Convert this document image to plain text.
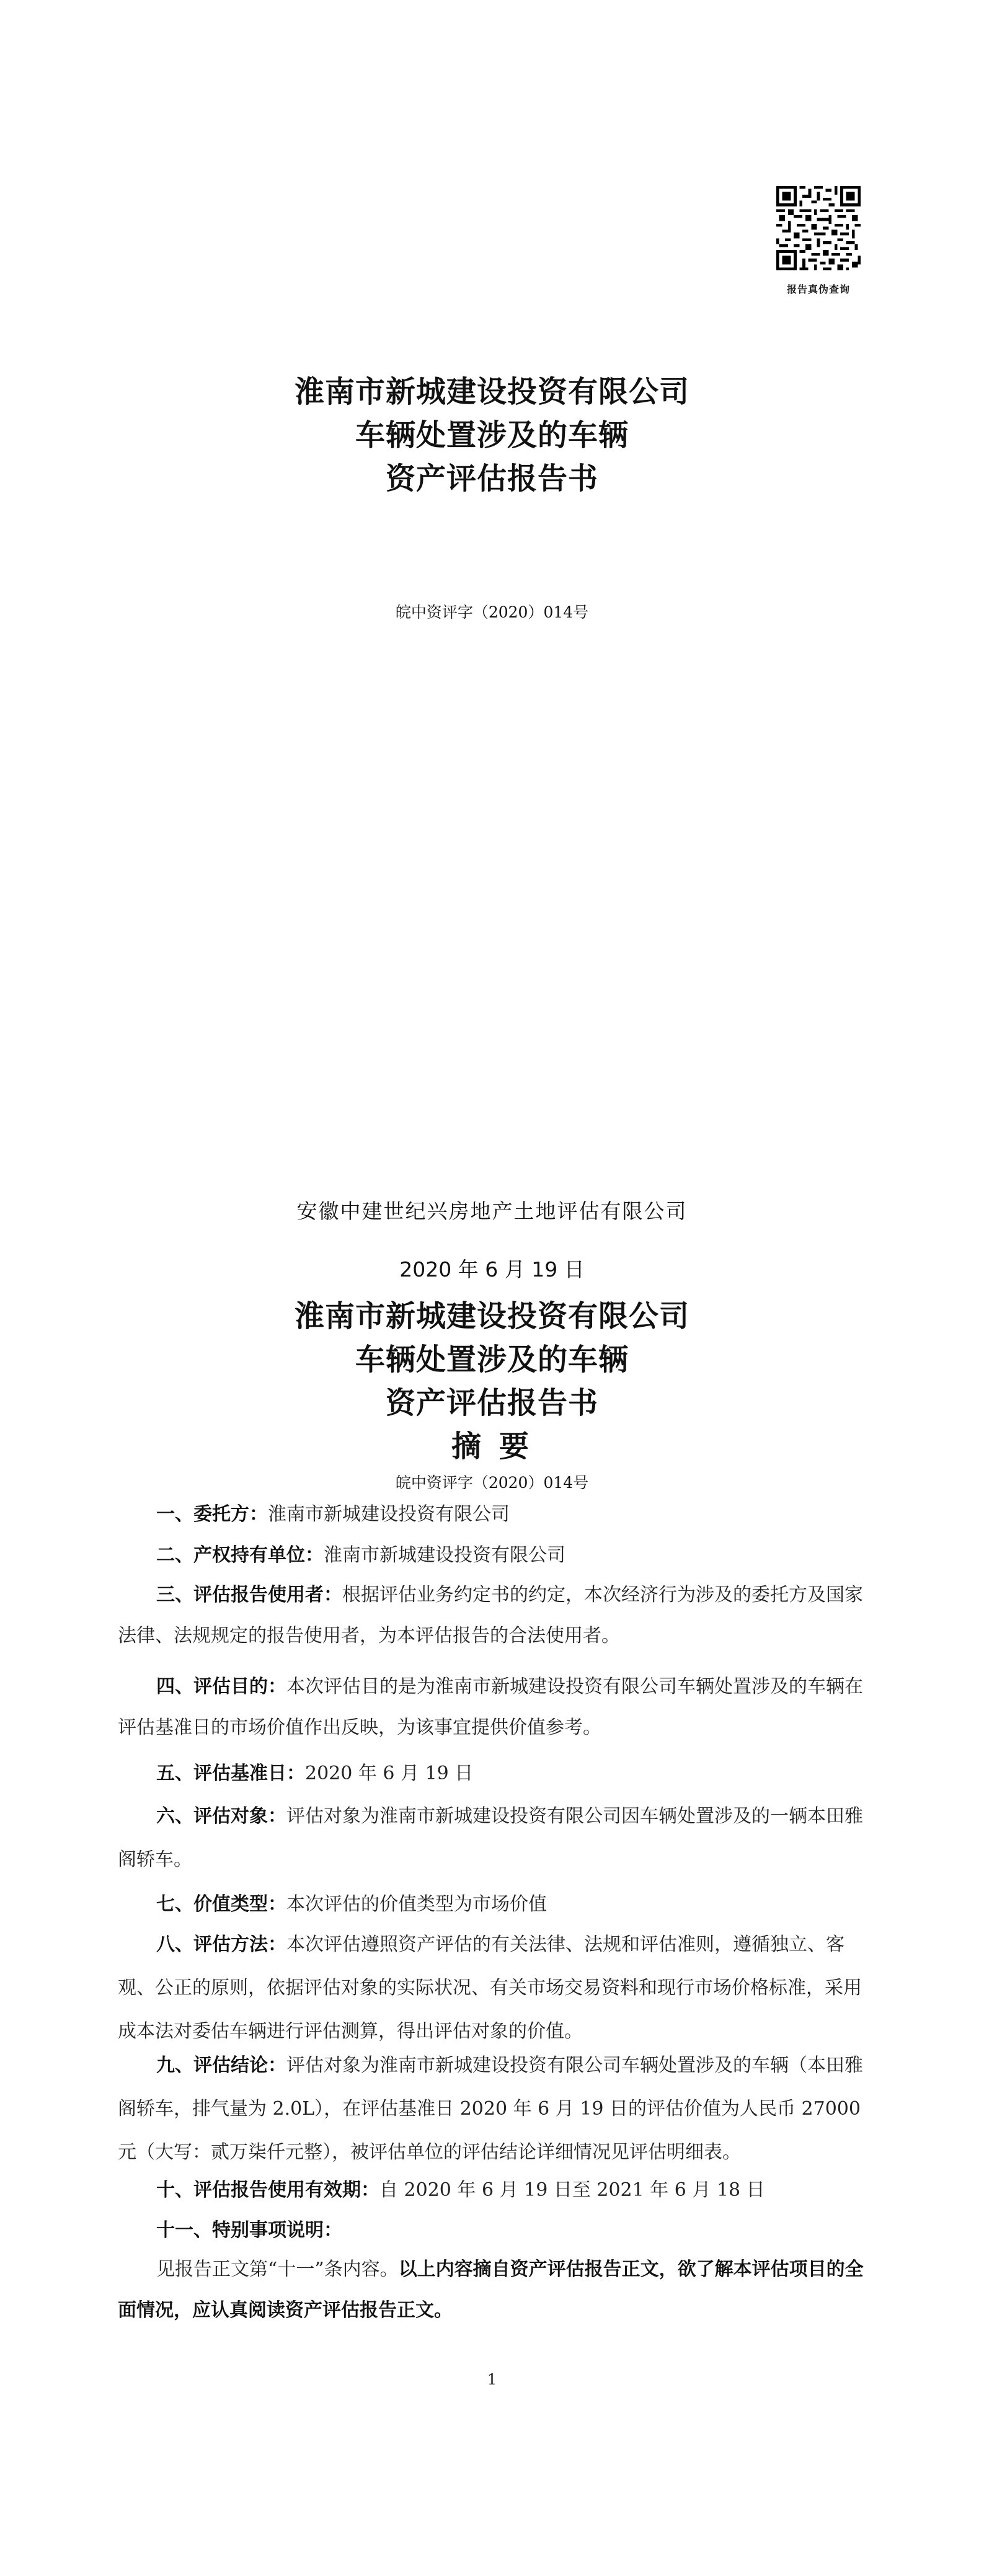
报告真伪查询
淮南市新城建设投资有限公司
车辆处置涉及的车辆
资产评估报告书
皖中资评字（2020）014号
安徽中建世纪兴房地产土地评估有限公司
2020 年 6 月 19 日
淮南市新城建设投资有限公司
车辆处置涉及的车辆
资产评估报告书
摘 要
皖中资评字（2020）014号
一、委托方：淮南市新城建设投资有限公司
二、产权持有单位：淮南市新城建设投资有限公司
三、评估报告使用者：根据评估业务约定书的约定，本次经济行为涉及的委托方及国家法律、法规规定的报告使用者，为本评估报告的合法使用者。
四、评估目的：本次评估目的是为淮南市新城建设投资有限公司车辆处置涉及的车辆在评估基准日的市场价值作出反映，为该事宜提供价值参考。
五、评估基准日：2020 年 6 月 19 日
六、评估对象：评估对象为淮南市新城建设投资有限公司因车辆处置涉及的一辆本田雅阁轿车。
七、价值类型：本次评估的价值类型为市场价值
八、评估方法：本次评估遵照资产评估的有关法律、法规和评估准则，遵循独立、客观、公正的原则，依据评估对象的实际状况、有关市场交易资料和现行市场价格标准，采用成本法对委估车辆进行评估测算，得出评估对象的价值。
九、评估结论：评估对象为淮南市新城建设投资有限公司车辆处置涉及的车辆（本田雅阁轿车，排气量为 2.0L），在评估基准日 2020 年 6 月 19 日的评估价值为人民币 27000 元（大写：贰万柒仟元整），被评估单位的评估结论详细情况见评估明细表。
十、评估报告使用有效期：自 2020 年 6 月 19 日至 2021 年 6 月 18 日
十一、特别事项说明：
见报告正文第“十一”条内容。以上内容摘自资产评估报告正文，欲了解本评估项目的全面情况，应认真阅读资产评估报告正文。
1
